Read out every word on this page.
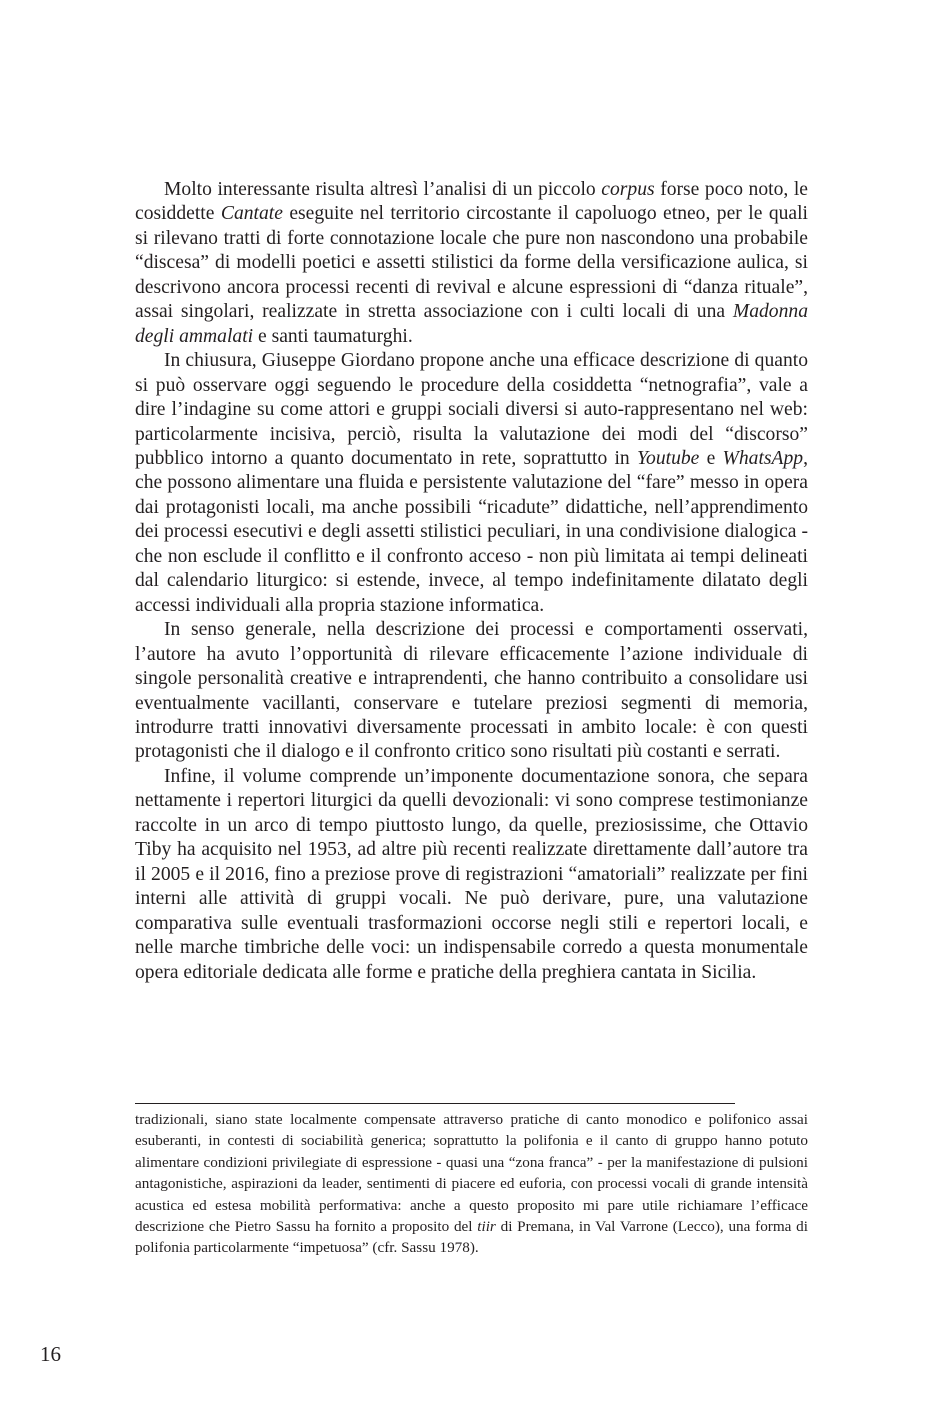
Molto interessante risulta altresì l’analisi di un piccolo corpus forse poco noto, le cosiddette Cantate eseguite nel territorio circostante il capoluogo etneo, per le quali si rilevano tratti di forte connotazione locale che pure non nascondono una probabile “discesa” di modelli poetici e assetti stilistici da forme della versificazione aulica, si descrivono ancora processi recenti di revival e alcune espressioni di “danza rituale”, assai singolari, realizzate in stretta associazione con i culti locali di una Madonna degli ammalati e santi taumaturghi.

In chiusura, Giuseppe Giordano propone anche una efficace descrizione di quanto si può osservare oggi seguendo le procedure della cosiddetta “netnografia”, vale a dire l’indagine su come attori e gruppi sociali diversi si auto-rappresentano nel web: particolarmente incisiva, perciò, risulta la valutazione dei modi del “discorso” pubblico intorno a quanto documentato in rete, soprattutto in Youtube e WhatsApp, che possono alimentare una fluida e persistente valutazione del “fare” messo in opera dai protagonisti locali, ma anche possibili “ricadute” didattiche, nell’apprendimento dei processi esecutivi e degli assetti stilistici peculiari, in una condivisione dialogica - che non esclude il conflitto e il confronto acceso - non più limitata ai tempi delineati dal calendario liturgico: si estende, invece, al tempo indefinitamente dilatato degli accessi individuali alla propria stazione informatica.

In senso generale, nella descrizione dei processi e comportamenti osservati, l’autore ha avuto l’opportunità di rilevare efficacemente l’azione individuale di singole personalità creative e intraprendenti, che hanno contribuito a consolidare usi eventualmente vacillanti, conservare e tutelare preziosi segmenti di memoria, introdurre tratti innovativi diversamente processati in ambito locale: è con questi protagonisti che il dialogo e il confronto critico sono risultati più costanti e serrati.

Infine, il volume comprende un’imponente documentazione sonora, che separa nettamente i repertori liturgici da quelli devozionali: vi sono comprese testimonianze raccolte in un arco di tempo piuttosto lungo, da quelle, preziosissime, che Ottavio Tiby ha acquisito nel 1953, ad altre più recenti realizzate direttamente dall’autore tra il 2005 e il 2016, fino a preziose prove di registrazioni “amatoriali” realizzate per fini interni alle attività di gruppi vocali. Ne può derivare, pure, una valutazione comparativa sulle eventuali trasformazioni occorse negli stili e repertori locali, e nelle marche timbriche delle voci: un indispensabile corredo a questa monumentale opera editoriale dedicata alle forme e pratiche della preghiera cantata in Sicilia.

tradizionali, siano state localmente compensate attraverso pratiche di canto monodico e polifonico assai esuberanti, in contesti di sociabilità generica; soprattutto la polifonia e il canto di gruppo hanno potuto alimentare condizioni privilegiate di espressione - quasi una “zona franca” - per la manifestazione di pulsioni antagonistiche, aspirazioni da leader, sentimenti di piacere ed euforia, con processi vocali di grande intensità acustica ed estesa mobilità performativa: anche a questo proposito mi pare utile richiamare l’efficace descrizione che Pietro Sassu ha fornito a proposito del tiir di Premana, in Val Varrone (Lecco), una forma di polifonia particolarmente “impetuosa” (cfr. Sassu 1978).

16
